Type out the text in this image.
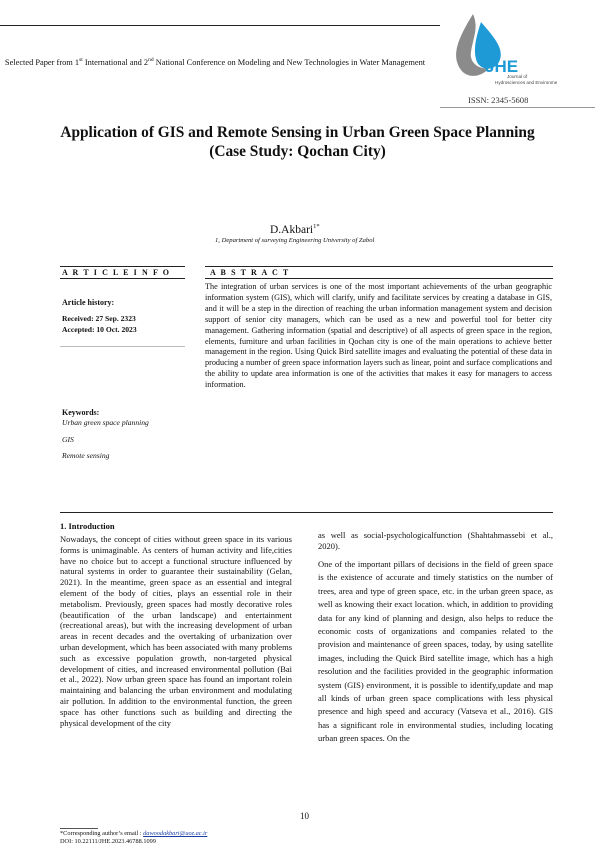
Selected Paper from 1st International and 2nd National Conference on Modeling and New Technologies in Water Management	JHE
Journal of
Hydrosciences and Environment
ISSN: 2345-5608
Application of GIS and Remote Sensing in Urban Green Space Planning (Case Study: Qochan City)
D.Akbari$^{1*}$
1, Department of surveying Engineering University of Zabol
A R T I C L E I N F O	A B S T R A C T
Article history:
Received: 27 Sep. 2323
Accepted: 10 Oct. 2023
Keywords:
Urban green space planning
GIS
Remote sensing
The integration of urban services is one of the most important achievements of the urban geographic information system (GIS), which will clarify, unify and facilitate services by creating a database in GIS, and it will be a step in the direction of reaching the urban information management system and decision support of senior city managers, which can be used as a new and powerful tool for better city management. Gathering information (spatial and descriptive) of all aspects of green space in the region, elements, furniture and urban facilities in Qochan city is one of the main operations to achieve better management in the region. Using Quick Bird satellite images and evaluating the potential of these data in producing a number of green space information layers such as linear, point and surface complications and the ability to update area information is one of the activities that makes it easy for managers to access information.
1. Introduction
Nowadays, the concept of cities without green space in its various forms is unimaginable. As centers of human activity and life,cities have no choice but to accept a functional structure influenced by natural systems in order to guarantee their sustainability (Gelan, 2021). In the meantime, green space as an essential and integral element of the body of cities, plays an essential role in their metabolism. Previously, green spaces had mostly decorative roles (beautification of the urban landscape) and entertainment (recreational areas), but with the increasing development of urban areas in recent decades and the overtaking of urbanization over urban development, which has been associated with many problems such as excessive population growth, non-targeted physical development of cities, and increased environmental pollution (Bai et al., 2022). Now urban green space has found an important rolein maintaining and balancing the urban environment and modulating air pollution. In addition to the environmental function, the green space has other functions such as building and directing the physical development of the city

as well as social-psychologicalfunction (Shahtahmassebi et al., 2020).

One of the important pillars of decisions in the field of green space is the existence of accurate and timely statistics on the number of trees, area and type of green space, etc. in the urban green space, as well as knowing their exact location. which, in addition to providing data for any kind of planning and design, also helps to reduce the economic costs of organizations and companies related to the provision and maintenance of green spaces, today, by using satellite images, including the Quick Bird satellite image, which has a high resolution and the facilities provided in the geographic information system (GIS) environment, it is possible to identify,update and map all kinds of urban green space complications with less physical presence and high speed and accuracy (Vatseva et al., 2016). GIS has a significant role in environmental studies, including locating urban green spaces. On the

10
*Corresponding author’s email : dawoodakbari@uoz.ac.ir
DOI: 10.22111/JHE.2023.46788.1099
